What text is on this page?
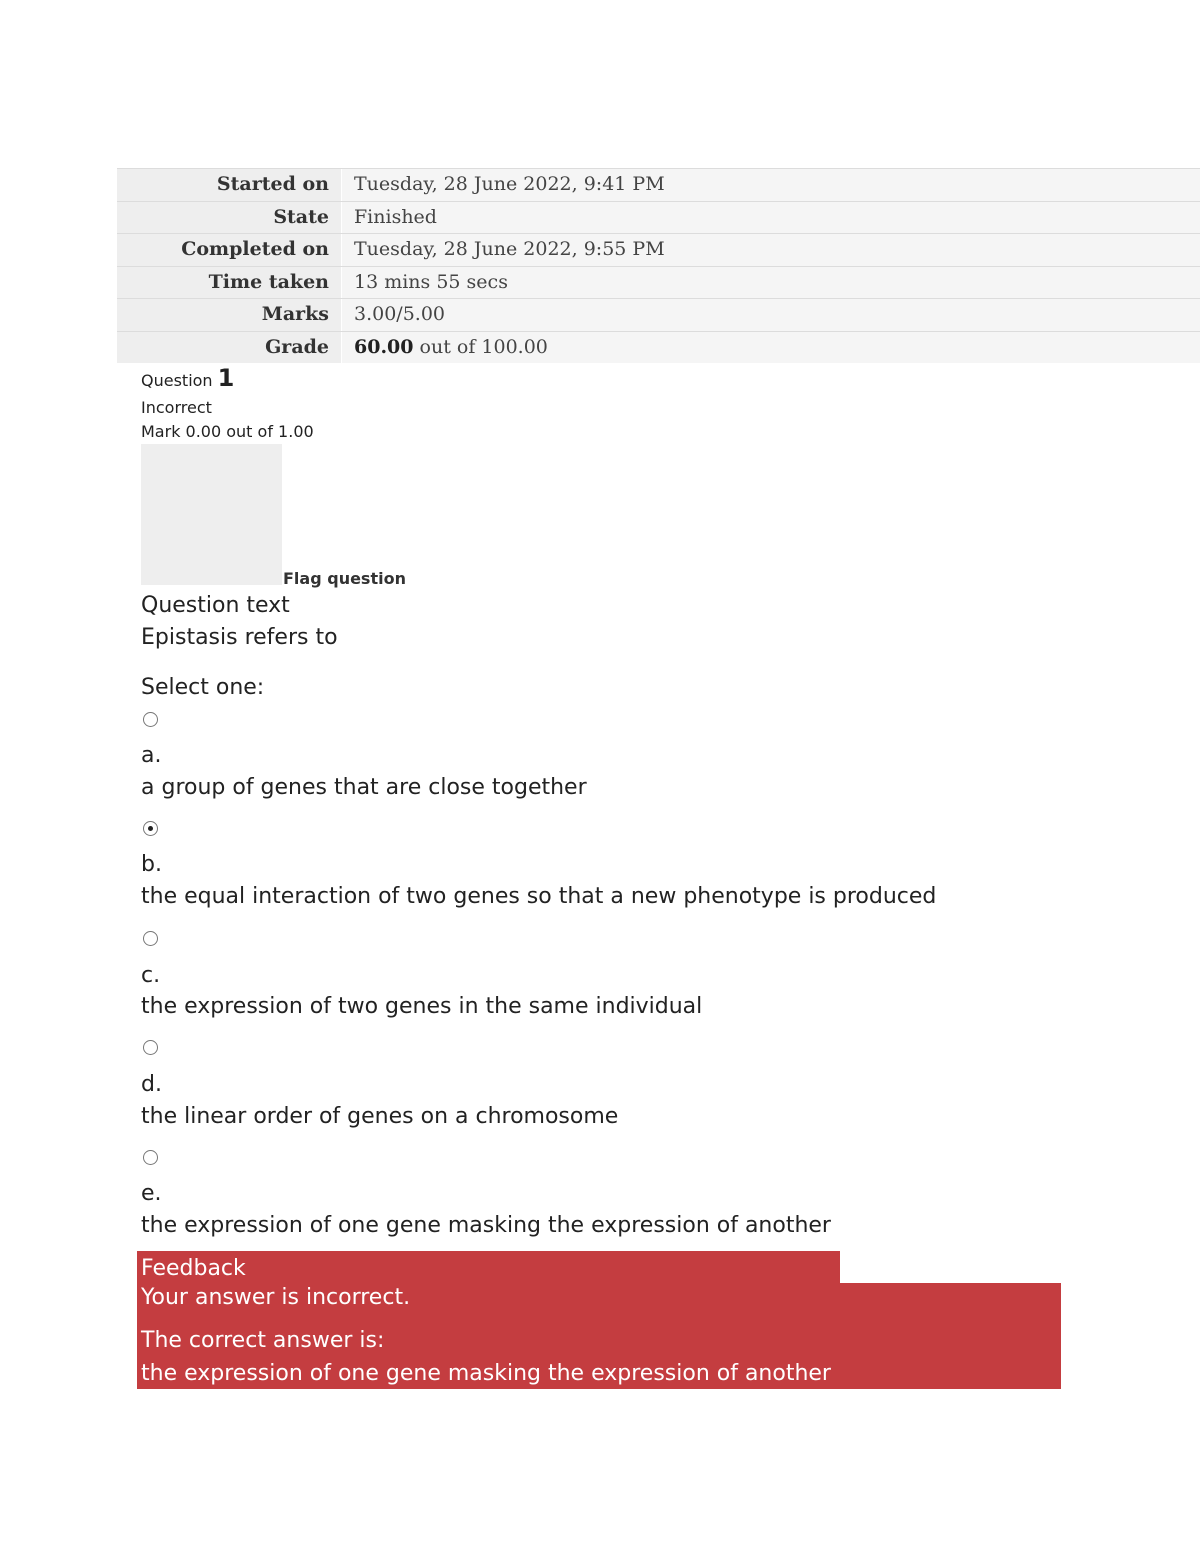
Started on	Tuesday, 28 June 2022, 9:41 PM
State	Finished
Completed on	Tuesday, 28 June 2022, 9:55 PM
Time taken	13 mins 55 secs
Marks	3.00/5.00
Grade	60.00 out of 100.00
Question 1
Incorrect
Mark 0.00 out of 1.00
Flag question
Question text
Epistasis refers to
Select one:
a.
a group of genes that are close together
b.
the equal interaction of two genes so that a new phenotype is produced
c.
the expression of two genes in the same individual
d.
the linear order of genes on a chromosome
e.
the expression of one gene masking the expression of another
Feedback
Your answer is incorrect.
The correct answer is:
the expression of one gene masking the expression of another
